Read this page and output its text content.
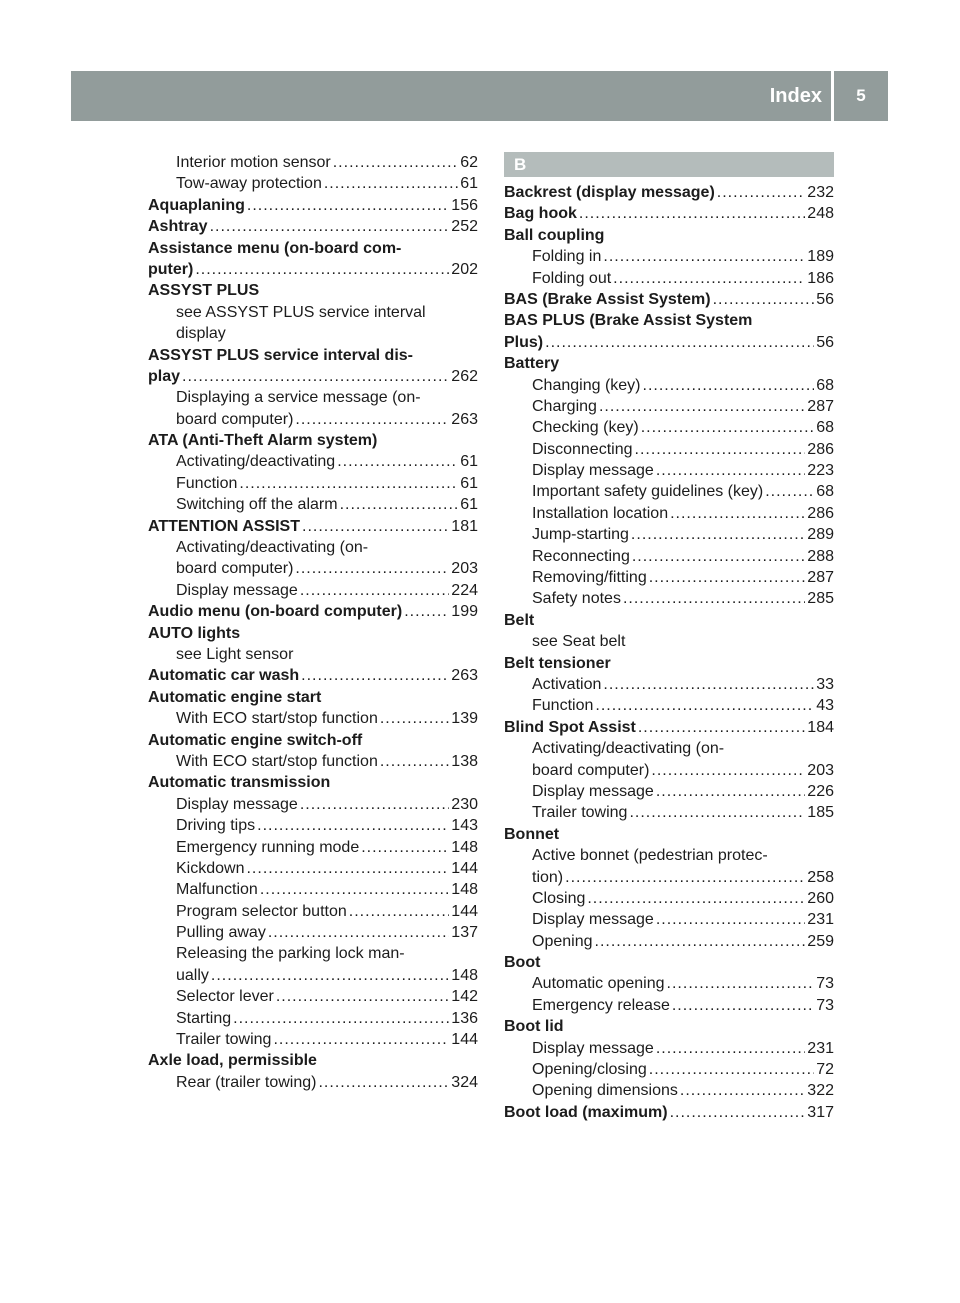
Index	5
Interior motion sensor .....	62
Tow-away protection .....	61
Aquaplaning .....	156
Ashtray .....	252
Assistance menu (on-board com-
puter) .....	202
ASSYST PLUS
see ASSYST PLUS service interval
display
ASSYST PLUS service interval dis-
play .....	262
Displaying a service message (on-
board computer) .....	263
ATA (Anti-Theft Alarm system)
Activating/deactivating .....	61
Function .....	61
Switching off the alarm .....	61
ATTENTION ASSIST .....	181
Activating/deactivating (on-
board computer) .....	203
Display message .....	224
Audio menu (on-board computer) .....	199
AUTO lights
see Light sensor
Automatic car wash .....	263
Automatic engine start
With ECO start/stop function .....	139
Automatic engine switch-off
With ECO start/stop function .....	138
Automatic transmission
Display message .....	230
Driving tips .....	143
Emergency running mode .....	148
Kickdown .....	144
Malfunction .....	148
Program selector button .....	144
Pulling away .....	137
Releasing the parking lock man-
ually .....	148
Selector lever .....	142
Starting .....	136
Trailer towing .....	144
Axle load, permissible
Rear (trailer towing) .....	324
B
Backrest (display message) .....	232
Bag hook .....	248
Ball coupling
Folding in .....	189
Folding out .....	186
BAS (Brake Assist System) .....	56
BAS PLUS (Brake Assist System
Plus) .....	56
Battery
Changing (key) .....	68
Charging .....	287
Checking (key) .....	68
Disconnecting .....	286
Display message .....	223
Important safety guidelines (key) .....	68
Installation location .....	286
Jump-starting .....	289
Reconnecting .....	288
Removing/fitting .....	287
Safety notes .....	285
Belt
see Seat belt
Belt tensioner
Activation .....	33
Function .....	43
Blind Spot Assist .....	184
Activating/deactivating (on-
board computer) .....	203
Display message .....	226
Trailer towing .....	185
Bonnet
Active bonnet (pedestrian protec-
tion) .....	258
Closing .....	260
Display message .....	231
Opening .....	259
Boot
Automatic opening .....	73
Emergency release .....	73
Boot lid
Display message .....	231
Opening/closing .....	72
Opening dimensions .....	322
Boot load (maximum) .....	317
